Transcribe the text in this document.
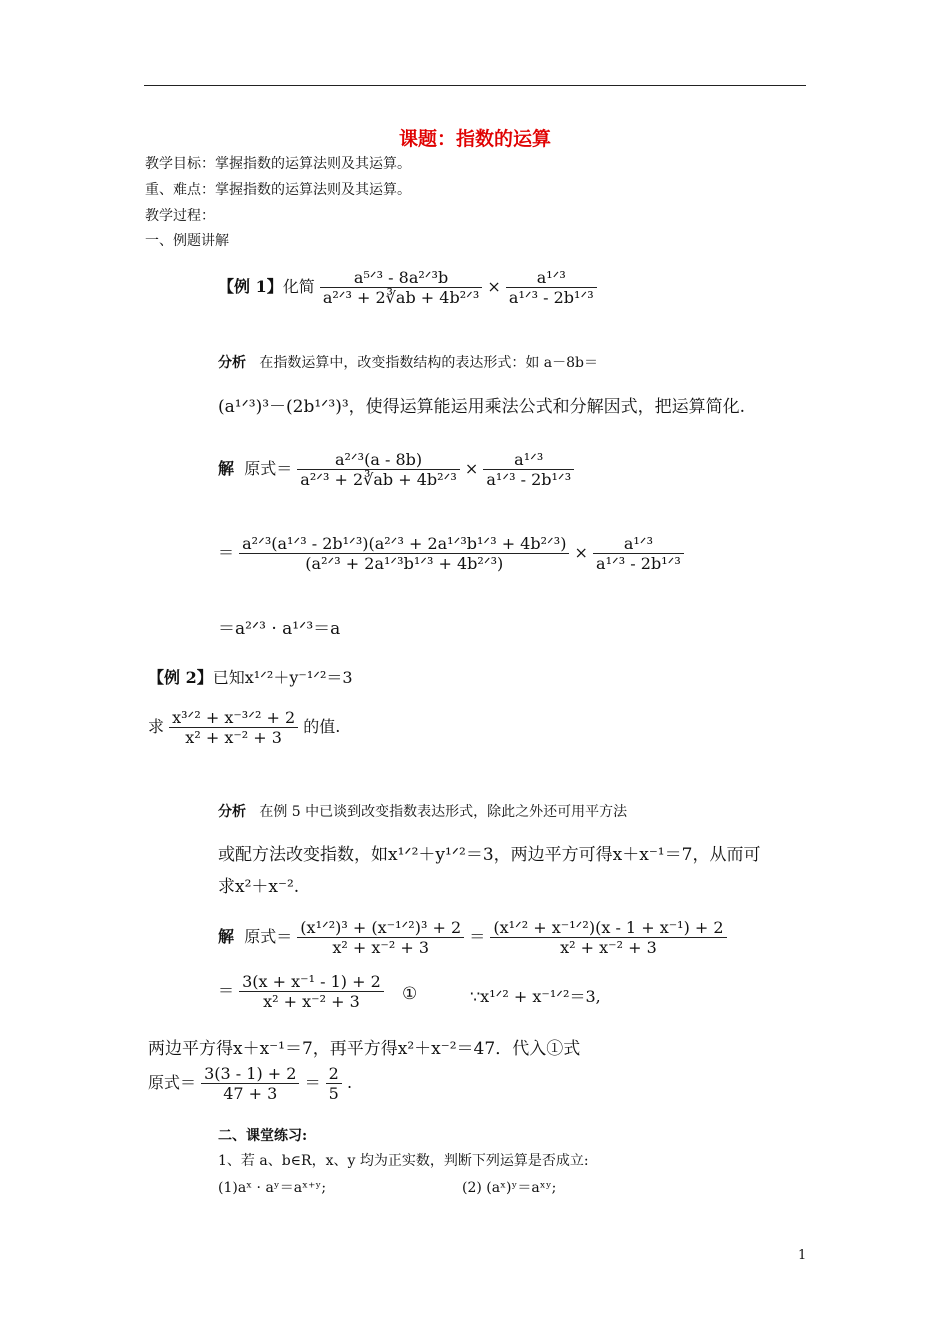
课题：指数的运算
教学目标：掌握指数的运算法则及其运算。
重、难点：掌握指数的运算法则及其运算。
教学过程：
一、例题讲解
【例 1】化简 $\frac{\text{a⁵ᐟ³ - 8a²ᐟ³b}}{\text{a²ᐟ³ + 2∛ab + 4b²ᐟ³}} \times \frac{\text{a¹ᐟ³}}{\text{a¹ᐟ³ - 2b¹ᐟ³}}$
分析 在指数运算中，改变指数结构的表达形式：如 a－8b＝
(a¹ᐟ³)³－(2b¹ᐟ³)³，使得运算能运用乘法公式和分解因式，把运算简化.
解 原式＝ $\frac{\text{a²ᐟ³(a - 8b)}}{\text{a²ᐟ³ + 2∛ab + 4b²ᐟ³}} \times \frac{\text{a¹ᐟ³}}{\text{a¹ᐟ³ - 2b¹ᐟ³}}$
＝ $\frac{\text{a²ᐟ³(a¹ᐟ³ - 2b¹ᐟ³)(a²ᐟ³ + 2a¹ᐟ³b¹ᐟ³ + 4b²ᐟ³)}}{\text{(a²ᐟ³ + 2a¹ᐟ³b¹ᐟ³ + 4b²ᐟ³)}} \times \frac{\text{a¹ᐟ³}}{\text{a¹ᐟ³ - 2b¹ᐟ³}}$
＝a²ᐟ³ · a¹ᐟ³＝a
【例 2】已知x¹ᐟ²＋y⁻¹ᐟ²＝3
求 $\frac{\text{x³ᐟ² + x⁻³ᐟ² + 2}}{\text{x² + x⁻² + 3}}$ 的值.
分析 在例 5 中已谈到改变指数表达形式，除此之外还可用平方法
或配方法改变指数，如x¹ᐟ²＋y¹ᐟ²＝3，两边平方可得x＋x⁻¹＝7，从而可
求x²＋x⁻².
解 原式＝ $\frac{\text{(x¹ᐟ²)³ + (x⁻¹ᐟ²)³ + 2}}{\text{x² + x⁻² + 3}} = \frac{\text{(x¹ᐟ² + x⁻¹ᐟ²)(x - 1 + x⁻¹) + 2}}{\text{x² + x⁻² + 3}}$
＝ $\frac{\text{3(x + x⁻¹ - 1) + 2}}{\text{x² + x⁻² + 3}}$ ①	∵x¹ᐟ² + x⁻¹ᐟ²＝3,
两边平方得x＋x⁻¹＝7，再平方得x²＋x⁻²＝47．代入①式
原式＝ $\frac{3(3 - 1) + 2}{47 + 3} = \frac{2}{5}$ .
二、课堂练习:
1、若 a、b∈R，x、y 均为正实数，判断下列运算是否成立:
(1)aˣ · aʸ＝aˣ⁺ʸ;	(2) (aˣ)ʸ＝aˣʸ;
1
